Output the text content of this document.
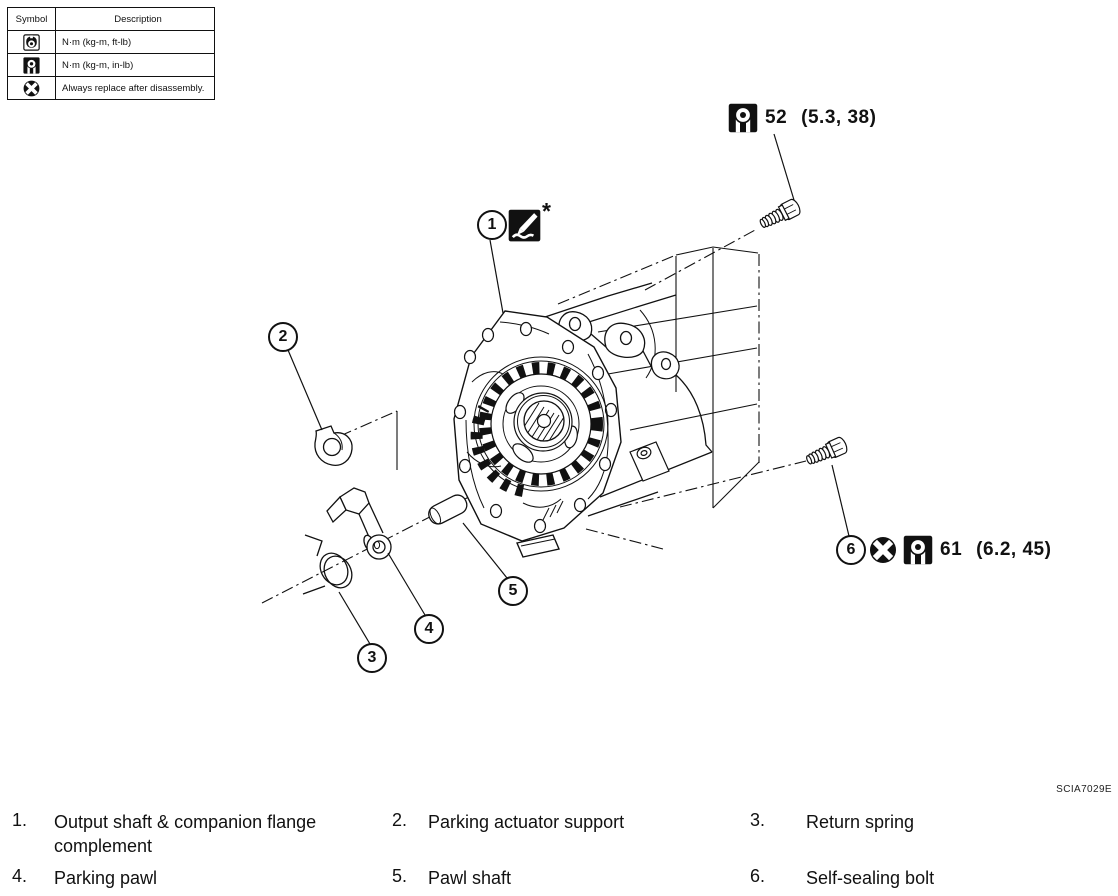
Symbol	Description
	N·m (kg-m, ft-lb)
	N·m (kg-m, in-lb)
	Always replace after disassembly.
1
*
52 (5.3, 38)
2
3
4
5
6	61 (6.2, 45)
SCIA7029E
1. Output shaft & companion flange complement
2. Parking actuator support	3. Return spring
4. Parking pawl	5. Pawl shaft	6. Self-sealing bolt
